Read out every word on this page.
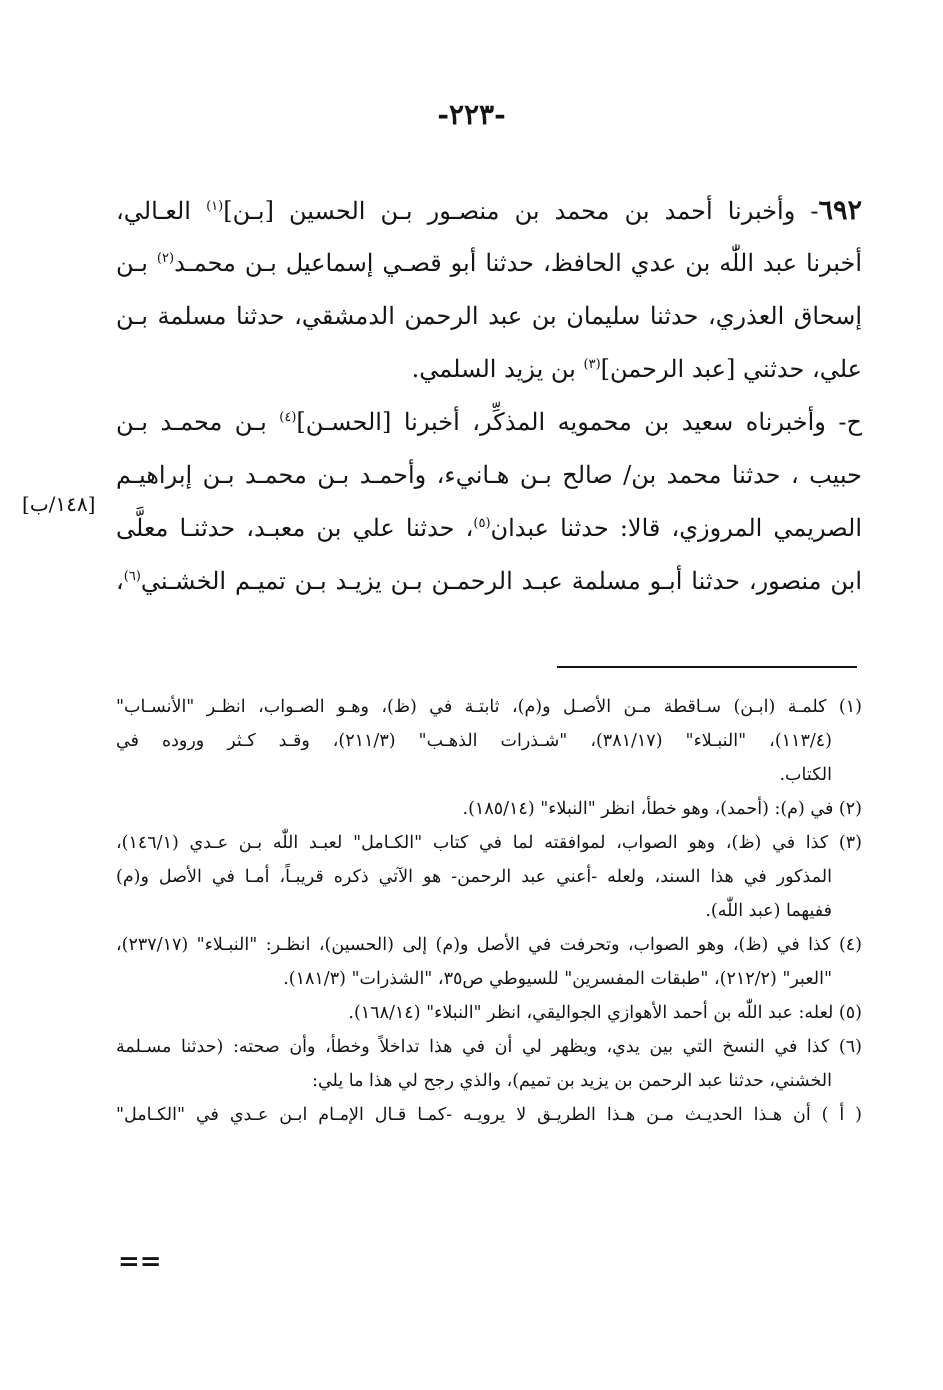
-٢٢٣-
٦٩٢- وأخبرنا أحمد بن محمد بن منصـور بـن الحسين [بـن]$^{(١)}$ العـالي،
أخبرنا عبد اللّٰه بن عدي الحافظ، حدثنا أبو قصـي إسماعيل بـن محمـد$^{(٢)}$ بـن
إسحاق العذري، حدثنا سليمان بن عبد الرحمن الدمشقي، حدثنا مسلمة بـن
علي، حدثني [عبد الرحمن]$^{(٣)}$ بن يزيد السلمي.
ح- وأخبرناه سعيد بن محمويه المذكِّر، أخبرنا [الحسـن]$^{(٤)}$ بـن محمـد بـن
حبيب ، حدثنا محمد بن/ صالح بـن هـانيء، وأحمـد بـن محمـد بـن إبراهيـم
الصريمي المروزي، قالا: حدثنا عبدان$^{(٥)}$، حدثنا علي بن معبـد، حدثنـا معلَّى
ابن منصور، حدثنا أبـو مسلمة عبـد الرحمـن بـن يزيـد بـن تميـم الخشـني$^{(٦)}$،
[١٤٨/ب]
(١) كلمـة (ابـن) سـاقطة مـن الأصـل و(م)، ثابتـة في (ظ)، وهـو الصـواب، انظـر "الأنسـاب"
(١١٣/٤)، "النبـلاء" (٣٨١/١٧)، "شـذرات الذهـب" (٢١١/٣)، وقـد كـثر وروده في
الكتاب.
(٢) في (م): (أحمد)، وهو خطأ، انظر "النبلاء" (١٨٥/١٤).
(٣) كذا في (ظ)، وهو الصواب، لموافقته لما في كتاب "الكـامل" لعبـد اللّٰه بـن عـدي (١٤٦/١)،
المذكور في هذا السند، ولعله -أعني عبد الرحمن- هو الآتي ذكره قريبـاً، أمـا في الأصل و(م)
ففيهما (عبد اللّٰه).
(٤) كذا في (ظ)، وهو الصواب، وتحرفت في الأصل و(م) إلى (الحسين)، انظـر: "النبـلاء" (٢٣٧/١٧)،
"العبر" (٢١٢/٢)، "طبقات المفسرين" للسيوطي ص٣٥، "الشذرات" (١٨١/٣).
(٥) لعله: عبد اللّٰه بن أحمد الأهوازي الجواليقي، انظر "النبلاء" (١٦٨/١٤).
(٦) كذا في النسخ التي بين يدي، ويظهر لي أن في هذا تداخلاً وخطأ، وأن صحته: (حدثنا مسـلمة
الخشني، حدثنا عبد الرحمن بن يزيد بن تميم)، والذي رجح لي هذا ما يلي:
( أ ) أن هـذا الحديـث مـن هـذا الطريـق لا يرويـه -كمـا قـال الإمـام ابـن عـدي في "الكـامل"
==
